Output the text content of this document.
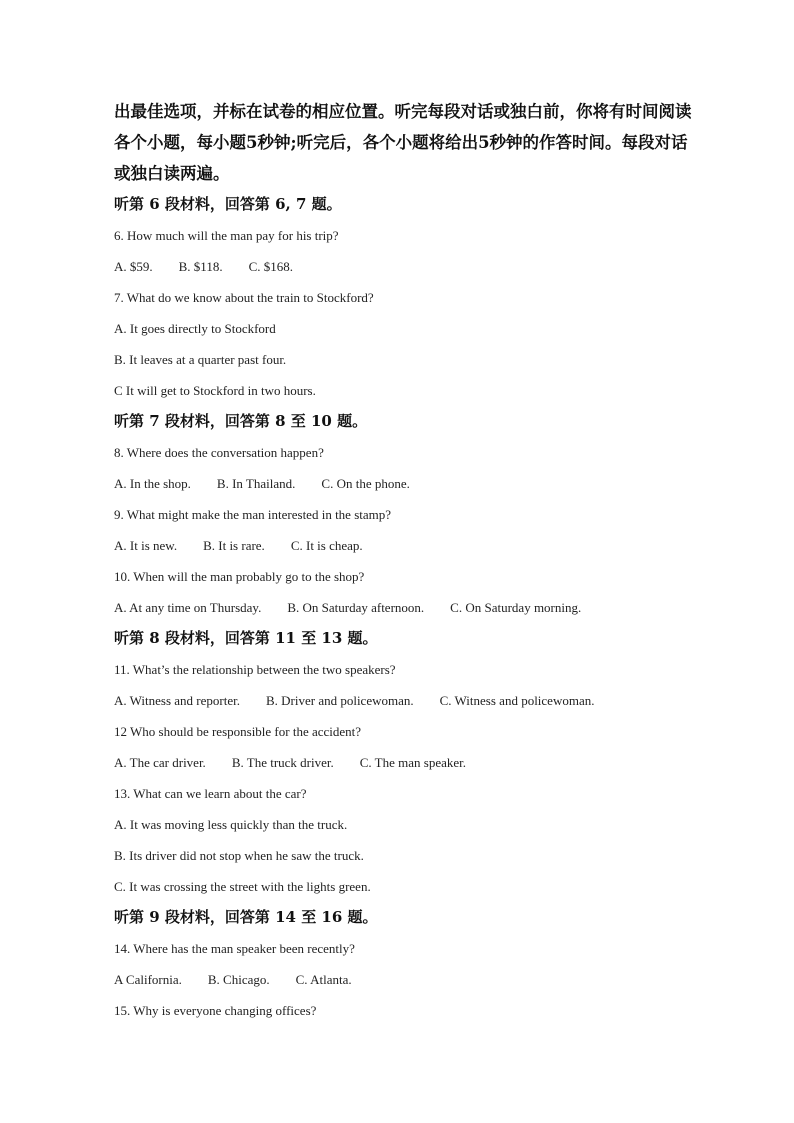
出最佳选项，并标在试卷的相应位置。听完每段对话或独白前，你将有时间阅读
各个小题，每小题5秒钟;听完后，各个小题将给出5秒钟的作答时间。每段对话
或独白读两遍。
听第 6 段材料，回答第 6, 7 题。
6. How much will the man pay for his trip?
A. $59. B. $118. C. $168.
7. What do we know about the train to Stockford?
A. It goes directly to Stockford
B. It leaves at a quarter past four.
C It will get to Stockford in two hours.
听第 7 段材料，回答第 8 至 10 题。
8. Where does the conversation happen?
A. In the shop. B. In Thailand. C. On the phone.
9. What might make the man interested in the stamp?
A. It is new. B. It is rare. C. It is cheap.
10. When will the man probably go to the shop?
A. At any time on Thursday. B. On Saturday afternoon. C. On Saturday morning.
听第 8 段材料，回答第 11 至 13 题。
11. What’s the relationship between the two speakers?
A. Witness and reporter. B. Driver and policewoman. C. Witness and policewoman.
12 Who should be responsible for the accident?
A. The car driver. B. The truck driver. C. The man speaker.
13. What can we learn about the car?
A. It was moving less quickly than the truck.
B. Its driver did not stop when he saw the truck.
C. It was crossing the street with the lights green.
听第 9 段材料，回答第 14 至 16 题。
14. Where has the man speaker been recently?
A California. B. Chicago. C. Atlanta.
15. Why is everyone changing offices?
